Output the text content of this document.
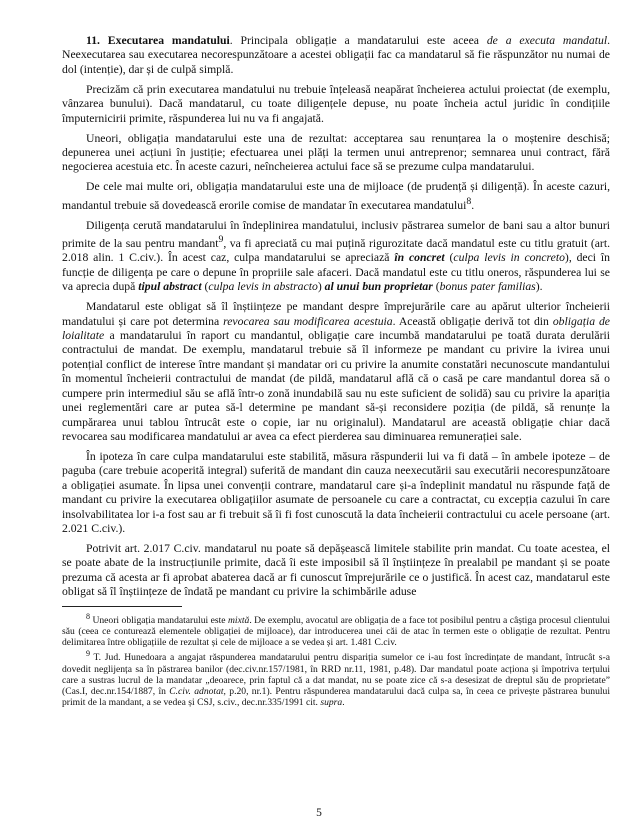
11. Executarea mandatului. Principala obligație a mandatarului este aceea de a executa mandatul. Neexecutarea sau executarea necorespunzătoare a acestei obligații fac ca mandatarul să fie răspunzător nu numai de dol (intenție), dar și de culpă simplă.

Precizăm că prin executarea mandatului nu trebuie înțeleasă neapărat încheierea actului proiectat (de exemplu, vânzarea bunului). Dacă mandatarul, cu toate diligențele depuse, nu poate încheia actul juridic în condițiile împuternicirii primite, răspunderea lui nu va fi angajată.

Uneori, obligația mandatarului este una de rezultat: acceptarea sau renunțarea la o moștenire deschisă; depunerea unei acțiuni în justiție; efectuarea unei plăți la termen unui antreprenor; semnarea unui contract, fără negocierea acestuia etc. În aceste cazuri, neîncheierea actului face să se prezume culpa mandatarului.

De cele mai multe ori, obligația mandatarului este una de mijloace (de prudență și diligență). În aceste cazuri, mandantul trebuie să dovedească erorile comise de mandatar în executarea mandatului$^8$.

Diligența cerută mandatarului în îndeplinirea mandatului, inclusiv păstrarea sumelor de bani sau a altor bunuri primite de la sau pentru mandant$^9$, va fi apreciată cu mai puțină rigurozitate dacă mandatul este cu titlu gratuit (art. 2.018 alin. 1 C.civ.). În acest caz, culpa mandatarului se apreciază în concret (culpa levis in concreto), deci în funcție de diligența pe care o depune în propriile sale afaceri. Dacă mandatul este cu titlu oneros, răspunderea lui se va aprecia după tipul abstract (culpa levis in abstracto) al unui bun proprietar (bonus pater familias).

Mandatarul este obligat să îl înștiințeze pe mandant despre împrejurările care au apărut ulterior încheierii mandatului și care pot determina revocarea sau modificarea acestuia. Această obligație derivă tot din obligația de loialitate a mandatarului în raport cu mandantul, obligație care incumbă mandatarului pe toată durata derulării contractului de mandat. De exemplu, mandatarul trebuie să îl informeze pe mandant cu privire la ivirea unui potențial conflict de interese între mandant și mandatar ori cu privire la anumite constatări necunoscute mandantului în momentul încheierii contractului de mandat (de pildă, mandatarul află că o casă pe care mandantul dorea să o cumpere prin intermediul său se află într-o zonă inundabilă sau nu este suficient de solidă) sau cu privire la apariția unei reglementări care ar putea să-l determine pe mandant să-și reconsidere poziția (de pildă, să renunțe la cumpărarea unui tablou întrucât este o copie, iar nu originalul). Mandatarul are această obligație chiar dacă revocarea sau modificarea mandatului ar avea ca efect pierderea sau diminuarea remunerației sale.

În ipoteza în care culpa mandatarului este stabilită, măsura răspunderii lui va fi dată – în ambele ipoteze – de paguba (care trebuie acoperită integral) suferită de mandant din cauza neexecutării sau executării necorespunzătoare a obligației asumate. În lipsa unei convenții contrare, mandatarul care și-a îndeplinit mandatul nu răspunde față de mandant cu privire la executarea obligațiilor asumate de persoanele cu care a contractat, cu excepția cazului în care insolvabilitatea lor i-a fost sau ar fi trebuit să îi fi fost cunoscută la data încheierii contractului cu acele persoane (art. 2.021 C.civ.).

Potrivit art. 2.017 C.civ. mandatarul nu poate să depășească limitele stabilite prin mandat. Cu toate acestea, el se poate abate de la instrucțiunile primite, dacă îi este imposibil să îl înștiințeze în prealabil pe mandant și se poate prezuma că acesta ar fi aprobat abaterea dacă ar fi cunoscut împrejurările ce o justifică. În acest caz, mandatarul este obligat să îl înștiințeze de îndată pe mandant cu privire la schimbările aduse

$^8$ Uneori obligația mandatarului este mixtă. De exemplu, avocatul are obligația de a face tot posibilul pentru a câștiga procesul clientului său (ceea ce conturează elementele obligației de mijloace), dar introducerea unei căi de atac în termen este o obligație de rezultat. Pentru delimitarea între obligațiile de rezultat și cele de mijloace a se vedea și art. 1.481 C.civ.

$^9$ T. Jud. Hunedoara a angajat răspunderea mandatarului pentru dispariția sumelor ce i-au fost încredințate de mandant, întrucât s-a dovedit neglijența sa în păstrarea banilor (dec.civ.nr.157/1981, în RRD nr.11, 1981, p.48). Dar mandatul poate acționa și împotriva terțului care a sustras lucrul de la mandatar „deoarece, prin faptul că a dat mandat, nu se poate zice că s-a desesizat de dreptul său de proprietate” (Cas.I, dec.nr.154/1887, în C.civ. adnotat, p.20, nr.1). Pentru răspunderea mandatarului dacă culpa sa, în ceea ce privește păstrarea bunului primit de la mandant, a se vedea și CSJ, s.civ., dec.nr.335/1991 cit. supra.

5
